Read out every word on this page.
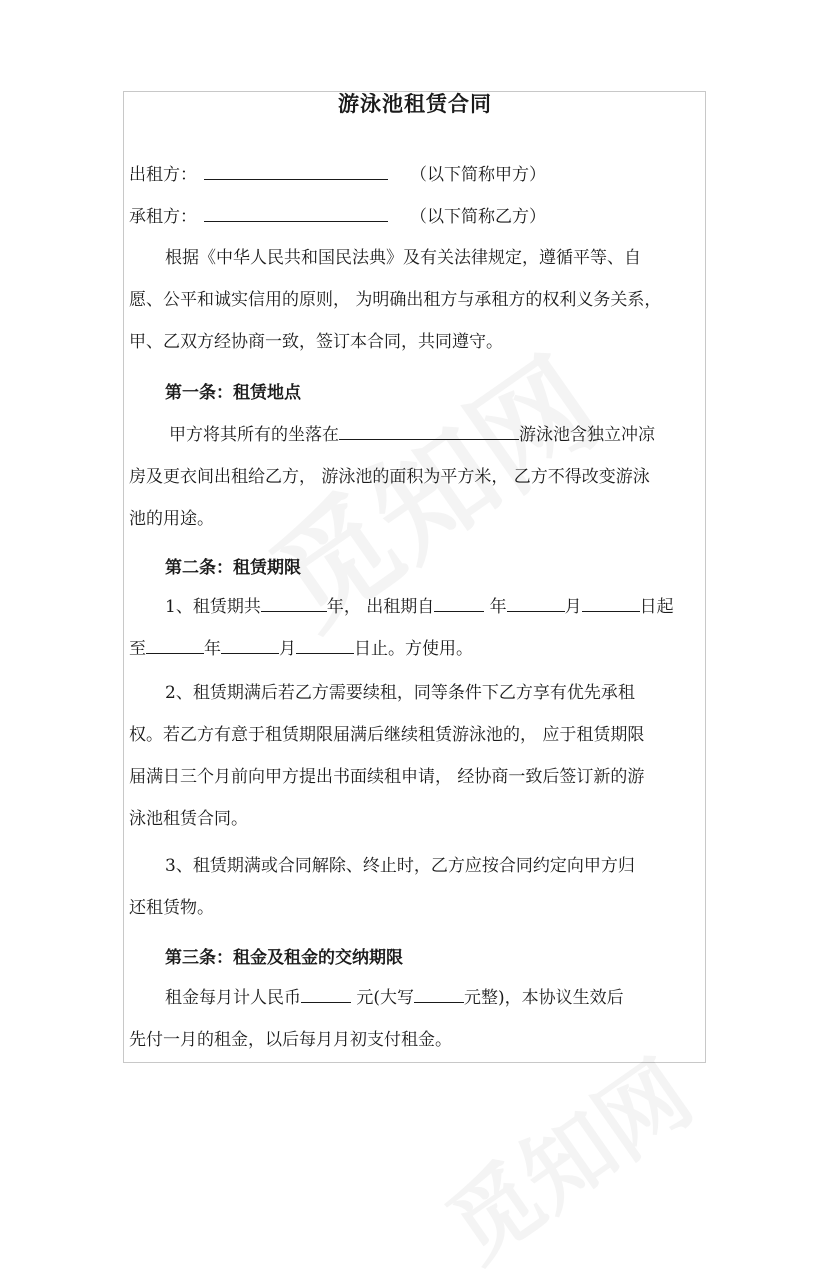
游泳池租赁合同
出租方：	（以下简称甲方）
承租方：	（以下简称乙方）
根据《中华人民共和国民法典》及有关法律规定，遵循平等、自
愿、公平和诚实信用的原则， 为明确出租方与承租方的权利义务关系，
甲、乙双方经协商一致，签订本合同，共同遵守。
第一条：租赁地点
甲方将其所有的坐落在	游泳池含独立冲凉
房及更衣间出租给乙方， 游泳池的面积为平方米， 乙方不得改变游泳
池的用途。
第二条：租赁期限
1、租赁期共	年， 出租期自	年	月	日起
至	年	月	日止。方使用。
2、租赁期满后若乙方需要续租，同等条件下乙方享有优先承租
权。若乙方有意于租赁期限届满后继续租赁游泳池的， 应于租赁期限
届满日三个月前向甲方提出书面续租申请， 经协商一致后签订新的游
泳池租赁合同。
3、租赁期满或合同解除、终止时，乙方应按合同约定向甲方归
还租赁物。
第三条：租金及租金的交纳期限
租金每月计人民币	元(大写	元整)，本协议生效后
先付一月的租金，以后每月月初支付租金。
